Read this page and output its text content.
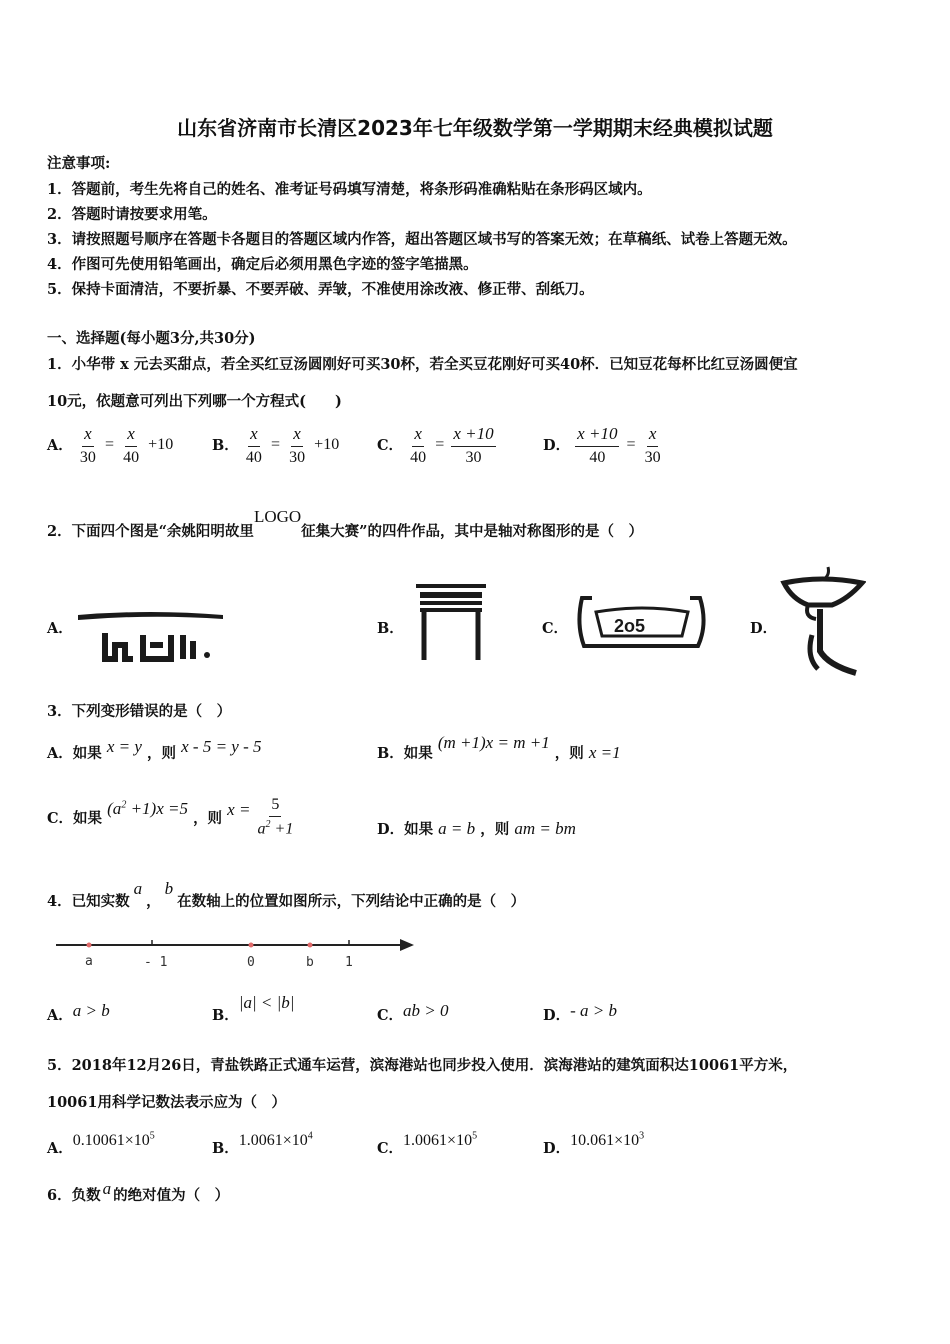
山东省济南市长清区2023年七年级数学第一学期期末经典模拟试题
注意事项:
1．答题前，考生先将自己的姓名、准考证号码填写清楚，将条形码准确粘贴在条形码区域内。
2．答题时请按要求用笔。
3．请按照题号顺序在答题卡各题目的答题区域内作答，超出答题区域书写的答案无效；在草稿纸、试卷上答题无效。
4．作图可先使用铅笔画出，确定后必须用黑色字迹的签字笔描黑。
5．保持卡面清洁，不要折暴、不要弄破、弄皱，不准使用涂改液、修正带、刮纸刀。
一、选择题(每小题3分,共30分)
1．小华带 x 元去买甜点，若全买红豆汤圆刚好可买30杯，若全买豆花刚好可买40杯．已知豆花每杯比红豆汤圆便宜
10元，依题意可列出下列哪一个方程式(　　)
A． $\frac{x}{30} = \frac{x}{40} +10$	B． $\frac{x}{40} = \frac{x}{30} +10$	C． $\frac{x}{40} = \frac{x +10}{30}$	D． $\frac{x +10}{40} = \frac{x}{30}$
2．下面四个图是“余姚阳明故里LOGO征集大赛”的四件作品，其中是轴对称图形的是（　）
A．	B．	C．	2o5	D．
3．下列变形错误的是（　）
A．如果 x = y ，则 x - 5 = y - 5	B．如果 (m +1)x = m +1 ，则 x =1
C．如果 $(a^2 +1)x =5$ ，则 $x = \frac{5}{a^2 +1}$	D．如果 a = b ，则 am = bm
4．已知实数a，b在数轴上的位置如图所示，下列结论中正确的是（　）
a	- 1	0	b 1
A．a > b	B．|a| < |b|
C．ab > 0	D．- a > b
5．2018年12月26日，青盐铁路正式通车运营，滨海港站也同步投入使用．滨海港站的建筑面积达10061平方米，
10061用科学记数法表示应为（　）
A．$0.10061\times 10^5$
B．$1.0061\times 10^4$
C．$1.0061\times 10^5$
D．$10.061\times 10^3$
6．负数 a 的绝对值为（　）
